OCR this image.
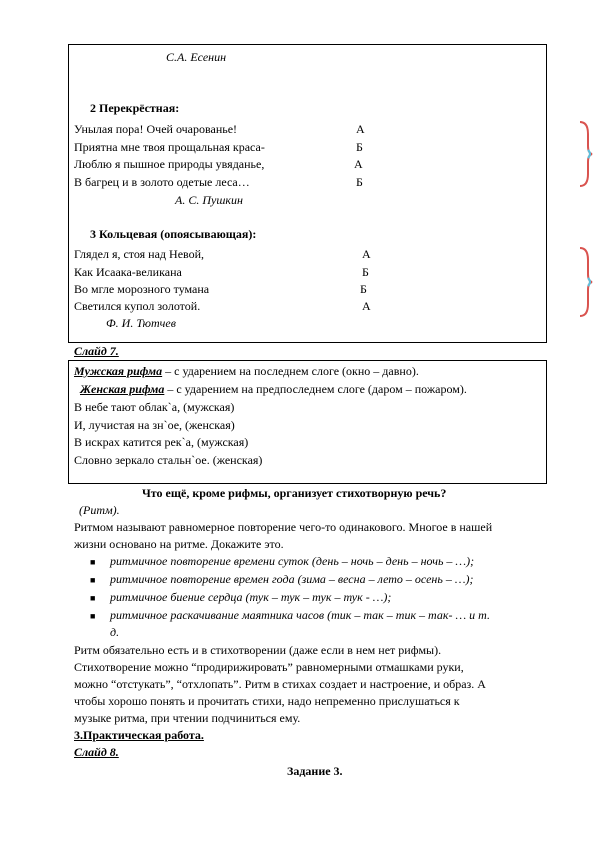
С.А. Есенин
2 Перекрёстная:
Унылая пора! Очей очарованье!	А
Приятна мне твоя прощальная краса-	Б
Люблю я пышное природы увяданье,	А
В багрец и в золото одетые леса…	Б
А. С. Пушкин
3 Кольцевая (опоясывающая):
Глядел я, стоя над Невой,	А
Как Исаака-великана	Б
Во мгле морозного тумана	Б
Светился купол золотой.	А
Ф. И. Тютчев
Слайд 7.
Мужская рифма – с ударением на последнем слоге (окно – давно).
Женская рифма – с ударением на предпоследнем слоге (даром – пожаром).
В небе тают облак`а, (мужская)
И, лучистая на зн`ое, (женская)
В искрах катится рек`а, (мужская)
Словно зеркало стальн`ое. (женская)
Что ещё, кроме рифмы, организует стихотворную речь?
(Ритм).
Ритмом называют равномерное повторение чего-то одинакового. Многое в нашей
жизни основано на ритме. Докажите это.
■ ритмичное повторение времени суток (день – ночь – день – ночь – …);
■ ритмичное повторение времен года (зима – весна – лето – осень – …);
■ ритмичное биение сердца (тук – тук – тук – тук - …);
■ ритмичное раскачивание маятника часов (тик – так – тик – так- … и т.
д.
Ритм обязательно есть и в стихотворении (даже если в нем нет рифмы).
Стихотворение можно “продирижировать” равномерными отмашками руки,
можно “отстукать”, “отхлопать”. Ритм в стихах создает и настроение, и образ. А
чтобы хорошо понять и прочитать стихи, надо непременно прислушаться к
музыке ритма, при чтении подчиниться ему.
3.Практическая работа.
Слайд 8.
Задание 3.
